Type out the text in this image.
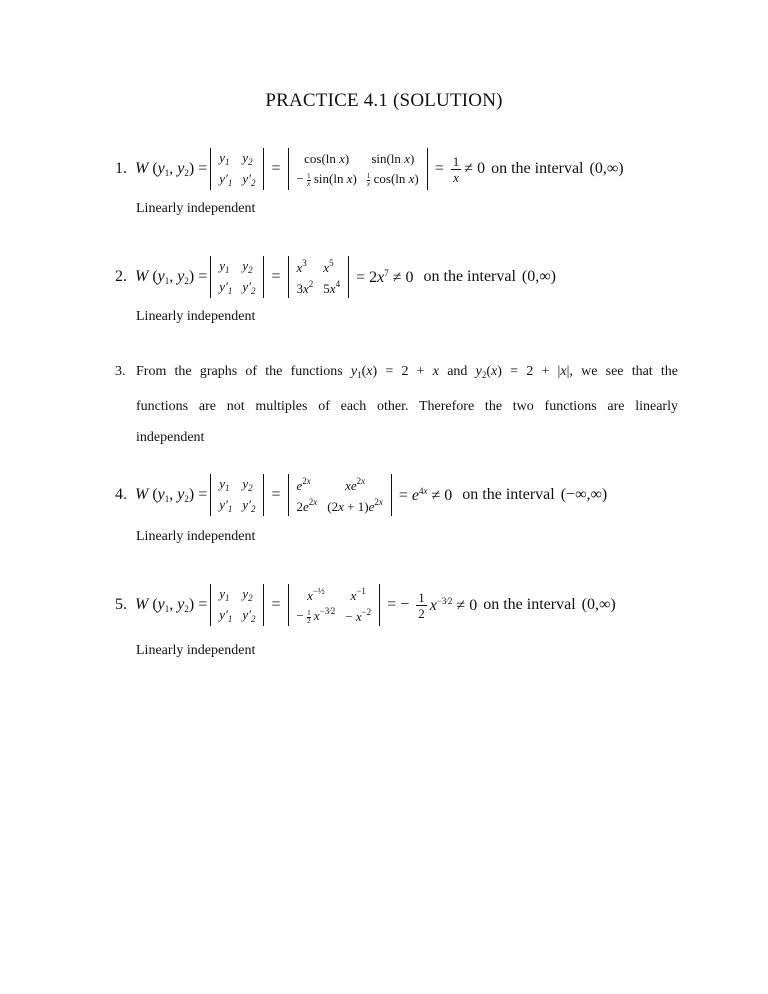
PRACTICE 4.1 (SOLUTION)
1. W ($y_1$, $y_2$) =
$y_1$	$y_2$
$y'_1$	$y'_2$
=
cos(ln x)	sin(ln x)
− $\frac{1}{x} \sin(\ln$ x)	$\frac{1}{x} \cos(\ln$ x)
= $\frac{1}{x} \ne 0$ on the interval (0,∞)
Linearly independent
2. W ($y_1$, $y_2$) =
$y_1$	$y_2$
$y'_1$	$y'_2$
=
$x^3$	$x^5$
$3x^2$	$5x^4 = 2x^7 \ne 0$ on the interval (0,∞)
Linearly independent

3. From the graphs of the functions $y_1(x) = 2 + x$ and $y_2(x) = 2 + |x|$, we see that the

functions are not multiples of each other. Therefore the two functions are linearly

independent

4. W ($y_1$, $y_2$) =
$y_1$	$y_2$
$y'_1$	$y'_2$
=
$e^{2x}$	$xe^{2x}$
$2e^{2x}$	$(2x + 1)e^{2x} = e^{4x} \ne 0$ on the interval (−∞,∞)
Linearly independent
5. W ($y_1$, $y_2$) =
$y_1$	$y_2$
$y'_1$	$y'_2$
=
$x^{-\frac{1}{2}}$	$x^{-1}$
− $\frac{1}{2} x^{-3⁄2}$	− $x^{-2}$ = − $\frac{1}{2} x^{-3⁄2} \ne 0$ on the interval (0,∞)
Linearly independent
